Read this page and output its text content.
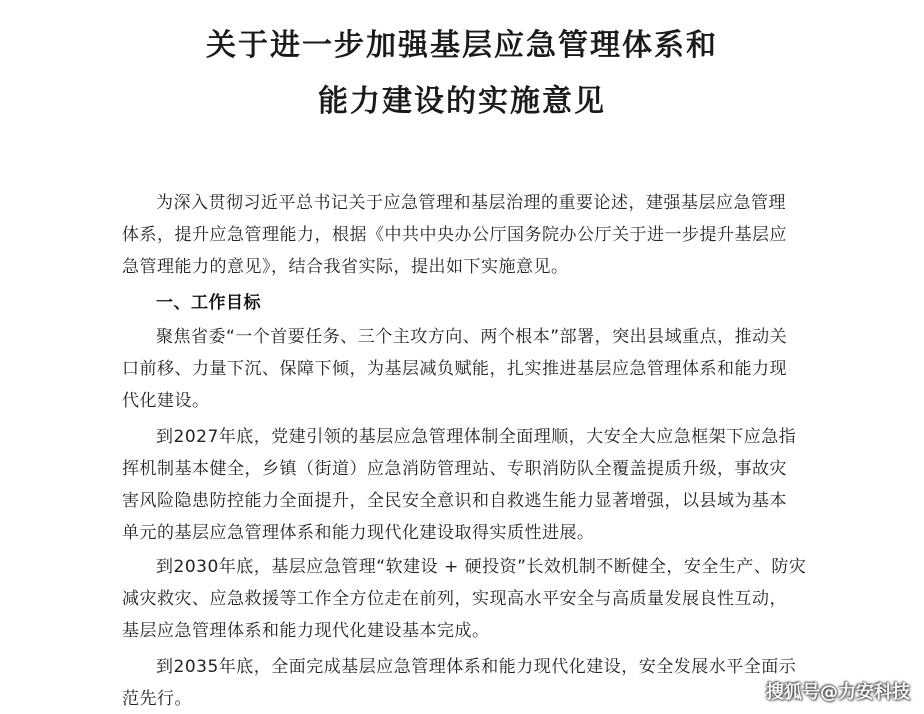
关于进一步加强基层应急管理体系和
能力建设的实施意见
为深入贯彻习近平总书记关于应急管理和基层治理的重要论述，建强基层应急管理
体系，提升应急管理能力，根据《中共中央办公厅国务院办公厅关于进一步提升基层应
急管理能力的意见》，结合我省实际，提出如下实施意见。
一、工作目标
聚焦省委“一个首要任务、三个主攻方向、两个根本”部署，突出县域重点，推动关
口前移、力量下沉、保障下倾，为基层减负赋能，扎实推进基层应急管理体系和能力现
代化建设。
到2027年底，党建引领的基层应急管理体制全面理顺，大安全大应急框架下应急指
挥机制基本健全，乡镇（街道）应急消防管理站、专职消防队全覆盖提质升级，事故灾
害风险隐患防控能力全面提升，全民安全意识和自救逃生能力显著增强，以县域为基本
单元的基层应急管理体系和能力现代化建设取得实质性进展。
到2030年底，基层应急管理“软建设 + 硬投资”长效机制不断健全，安全生产、防灾
减灾救灾、应急救援等工作全方位走在前列，实现高水平安全与高质量发展良性互动，
基层应急管理体系和能力现代化建设基本完成。
到2035年底，全面完成基层应急管理体系和能力现代化建设，安全发展水平全面示
范先行。	搜狐号@力安科技
